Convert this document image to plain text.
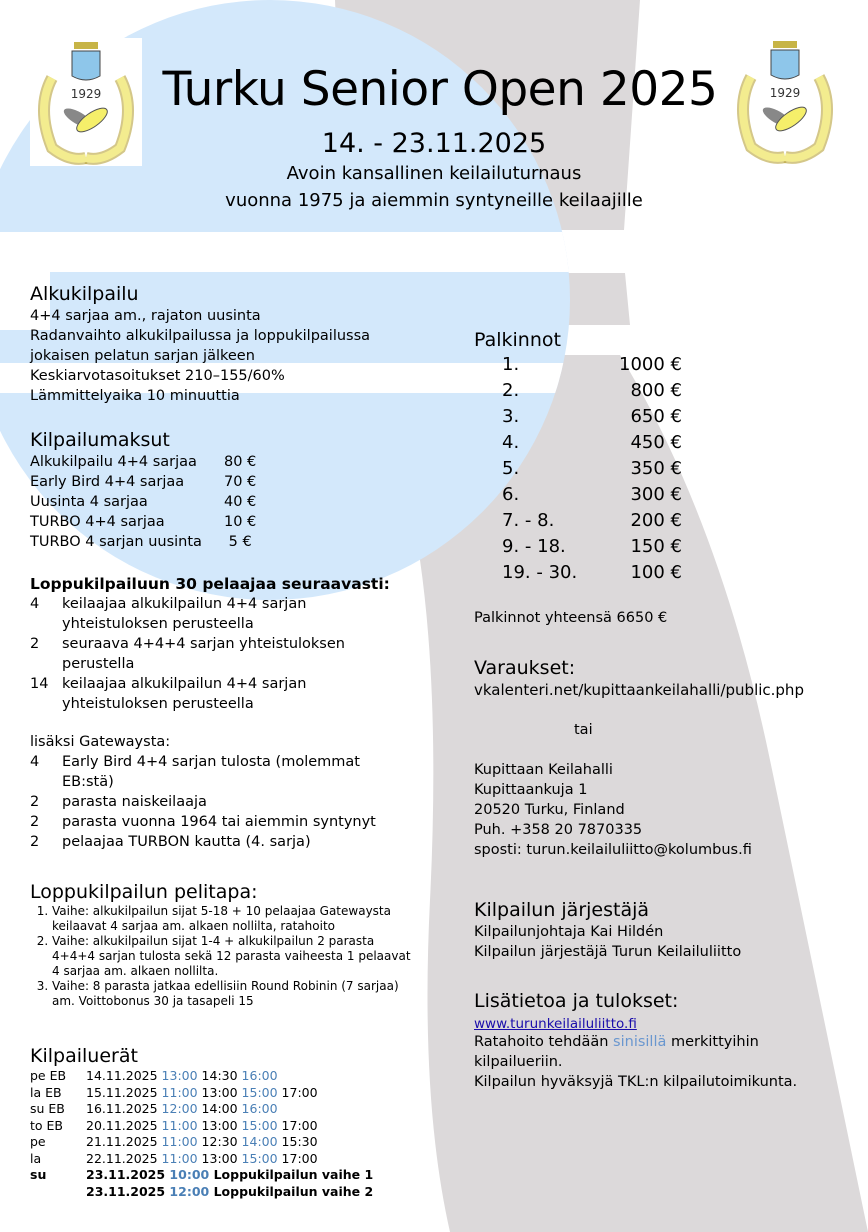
1929	1929
Turku Senior Open 2025
14. - 23.11.2025
Avoin kansallinen keilailuturnaus
vuonna 1975 ja aiemmin syntyneille keilaajille
Alkukilpailu
4+4 sarjaa am., rajaton uusinta
Radanvaihto alkukilpailussa ja loppukilpailussa
jokaisen pelatun sarjan jälkeen
Keskiarvotasoitukset 210–155/60%
Lämmittelyaika 10 minuuttia
Kilpailumaksut
Alkukilpailu 4+4 sarjaa	80 €
Early Bird 4+4 sarjaa	70 €
Uusinta 4 sarjaa	40 €
TURBO 4+4 sarjaa	10 €
TURBO 4 sarjan uusinta	5 €
Loppukilpailuun 30 pelaajaa seuraavasti:
4	keilaajaa alkukilpailun 4+4 sarjan
yhteistuloksen perusteella
2	seuraava 4+4+4 sarjan yhteistuloksen
perustella
14 keilaajaa alkukilpailun 4+4 sarjan
yhteistuloksen perusteella
lisäksi Gatewaysta:
4	Early Bird 4+4 sarjan tulosta (molemmat
EB:stä)
2	parasta naiskeilaaja
2	parasta vuonna 1964 tai aiemmin syntynyt
2	pelaajaa TURBON kautta (4. sarja)
Loppukilpailun pelitapa:
1. Vaihe: alkukilpailun sijat 5-18 + 10 pelaajaa Gatewaysta keilaavat 4 sarjaa am. alkaen nollilta, ratahoito
2. Vaihe: alkukilpailun sijat 1-4 + alkukilpailun 2 parasta 4+4+4 sarjan tulosta sekä 12 parasta vaiheesta 1 pelaavat 4 sarjaa am. alkaen nollilta.
3. Vaihe: 8 parasta jatkaa edellisiin Round Robinin (7 sarjaa) am. Voittobonus 30 ja tasapeli 15
Kilpailuerät
pe EB	14.11.2025 13:00 14:30 16:00
la EB	15.11.2025 11:00 13:00 15:00 17:00
su EB	16.11.2025 12:00 14:00 16:00
to EB	20.11.2025 11:00 13:00 15:00 17:00
pe	21.11.2025 11:00 12:30 14:00 15:30
la	22.11.2025 11:00 13:00 15:00 17:00
su	23.11.2025 10:00 Loppukilpailun vaihe 1
23.11.2025 12:00 Loppukilpailun vaihe 2
Palkinnot
1.	1000 €
2.	800 €
3.	650 €
4.	450 €
5.	350 €
6.	300 €
7. - 8.	200 €
9. - 18.	150 €
19. - 30.	100 €
Palkinnot yhteensä 6650 €
Varaukset:
vkalenteri.net/kupittaankeilahalli/public.php
tai
Kupittaan Keilahalli
Kupittaankuja 1
20520 Turku, Finland
Puh. +358 20 7870335
sposti: turun.keilailuliitto@kolumbus.fi
Kilpailun järjestäjä
Kilpailunjohtaja Kai Hildén
Kilpailun järjestäjä Turun Keilailuliitto
Lisätietoa ja tulokset:
www.turunkeilailuliitto.fi
Ratahoito tehdään sinisillä merkittyihin
kilpailueriin.
Kilpailun hyväksyjä TKL:n kilpailutoimikunta.
